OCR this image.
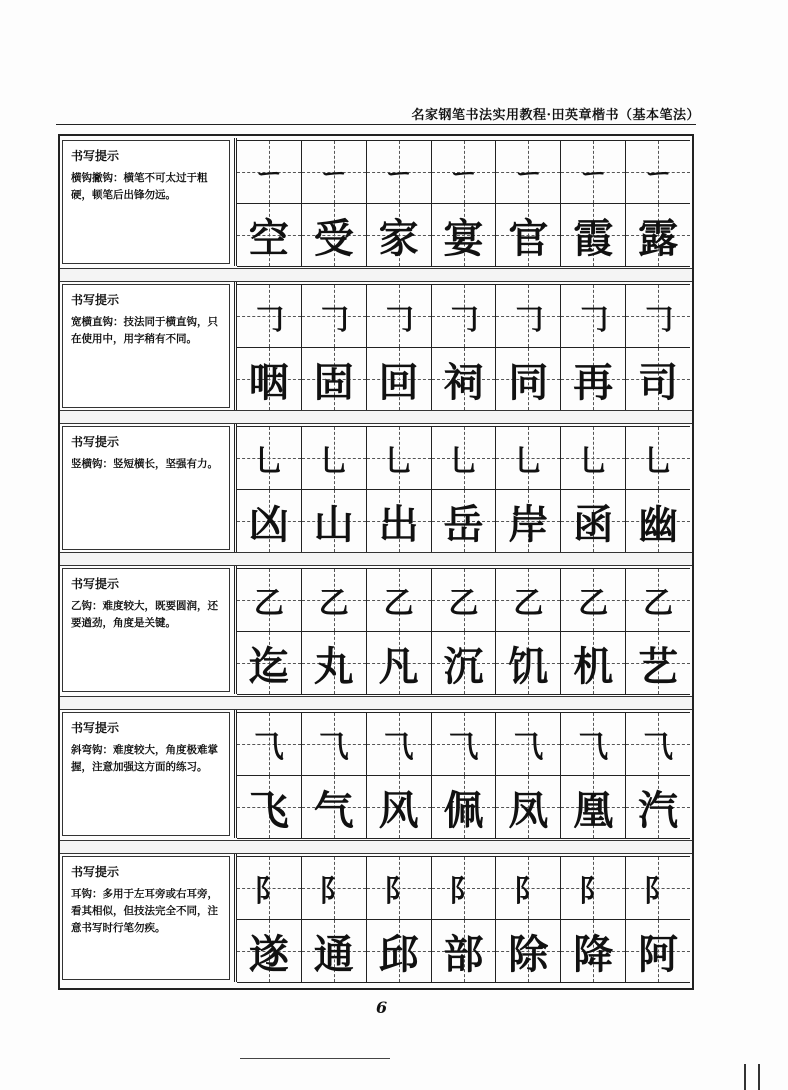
名家钢笔书法实用教程·田英章楷书（基本笔法）
书写提示
横钩撇钩：横笔不可太过于粗硬，顿笔后出锋勿远。
ㄧ ㄧ ㄧ ㄧ ㄧ ㄧ ㄧ
空 受 家 宴 官 霞 露
书写提示
宽横直钩：技法同于横直钩，只在使用中，用字稍有不同。
𠃌 𠃌 𠃌 𠃌 𠃌 𠃌 𠃌
咽 固 回 祠 同 再 司
书写提示
竖横钩：竖短横长，坚强有力。 乚 乚 乚 乚 乚 乚 乚
凶 山 出 岳 岸 函 幽
书写提示
乙钩：难度较大，既要圆润，还要遒劲，角度是关键。
乙 乙 乙 乙 乙 乙 乙
迄 丸 凡 沉 饥 机 艺
书写提示
斜弯钩：难度较大，角度极难掌握，注意加强这方面的练习。
⺄ ⺄ ⺄ ⺄ ⺄ ⺄ ⺄
飞 气 风 佩 凤 凰 汽
书写提示
耳钩：多用于左耳旁或右耳旁，看其相似，但技法完全不同，注意书写时行笔勿疾。
阝 阝 阝 阝 阝 阝 阝
遂 通 邱 部 除 降 阿
6
